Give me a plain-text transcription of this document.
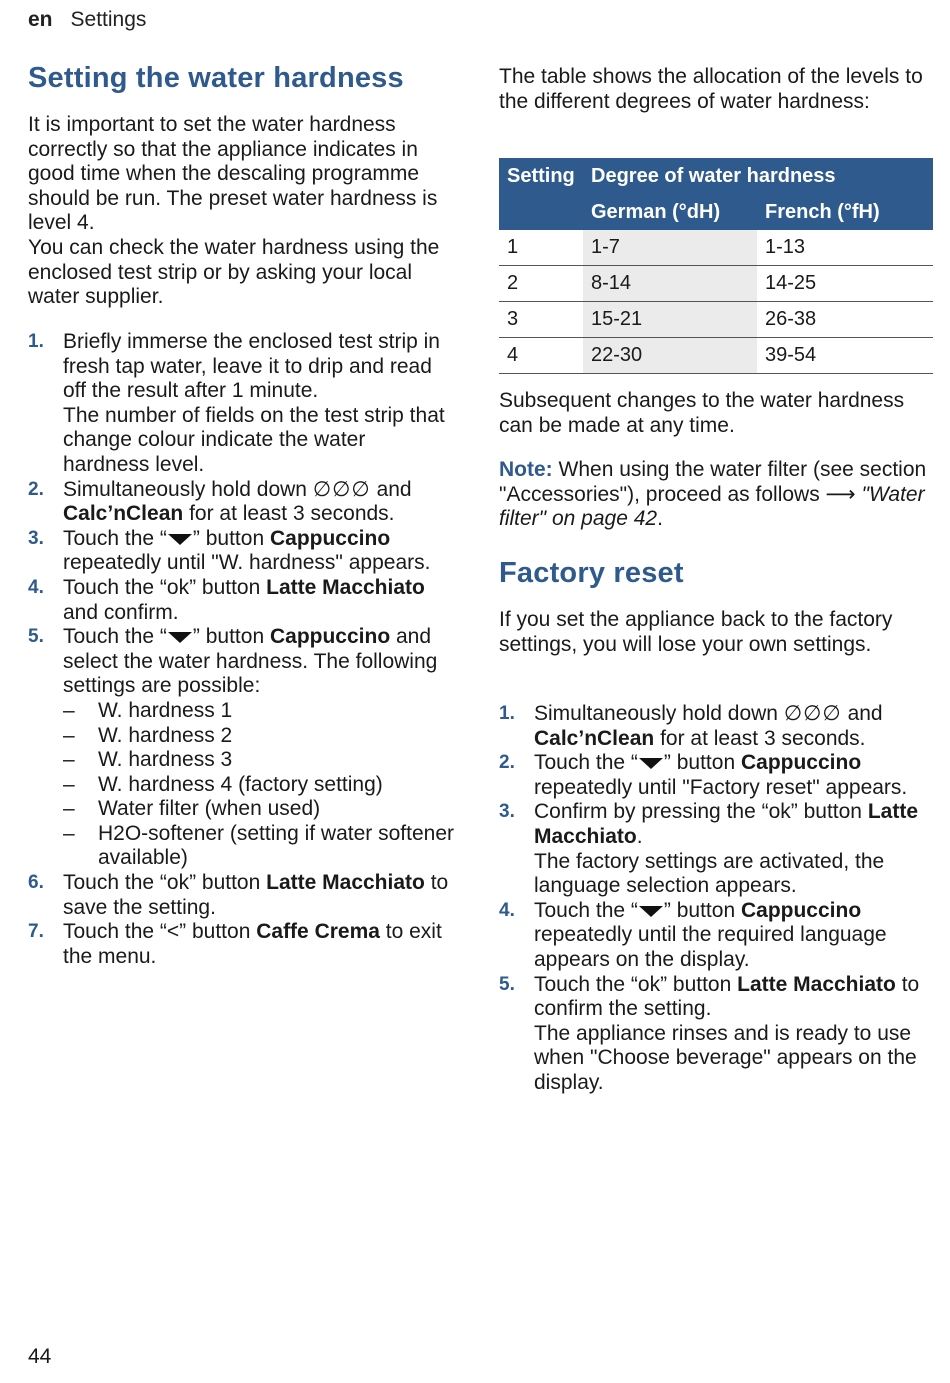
en Settings
Setting the water hardness
It is important to set the water hardness correctly so that the appliance indicates in good time when the descaling programme should be run. The preset water hardness is level 4.
You can check the water hardness using the enclosed test strip or by asking your local water supplier.
1. Briefly immerse the enclosed test strip in fresh tap water, leave it to drip and read off the result after 1 minute.
The number of fields on the test strip that change colour indicate the water hardness level.
2. Simultaneously hold down ∅∅∅ and Calc’nClean for at least 3 seconds.
3. Touch the “ ” button Cappuccino repeatedly until "W. hardness" appears.
4. Touch the “ok” button Latte Macchiato and confirm.
5. Touch the “ ” button Cappuccino and select the water hardness. The following settings are possible:
– W. hardness 1
– W. hardness 2
– W. hardness 3
– W. hardness 4 (factory setting)
– Water filter (when used)
– H2O-softener (setting if water softener available)
6. Touch the “ok” button Latte Macchiato to save the setting.
7. Touch the “<” button Caffe Crema to exit the menu.
The table shows the allocation of the levels to the different degrees of water hardness:
Setting	Degree of water hardness	
	German (°dH)	French (°fH)
1	1-7	1-13
2	8-14	14-25
3	15-21	26-38
4	22-30	39-54
Subsequent changes to the water hardness can be made at any time.
Note: When using the water filter (see section "Accessories"), proceed as follows ⟶ "Water filter" on page 42.
Factory reset
If you set the appliance back to the factory settings, you will lose your own settings.
1. Simultaneously hold down ∅∅∅ and Calc’nClean for at least 3 seconds.
2. Touch the “ ” button Cappuccino repeatedly until "Factory reset" appears.
3. Confirm by pressing the “ok” button Latte Macchiato.
The factory settings are activated, the language selection appears.
4. Touch the “ ” button Cappuccino repeatedly until the required language appears on the display.
5. Touch the “ok” button Latte Macchiato to confirm the setting.
The appliance rinses and is ready to use when "Choose beverage" appears on the display.
44
